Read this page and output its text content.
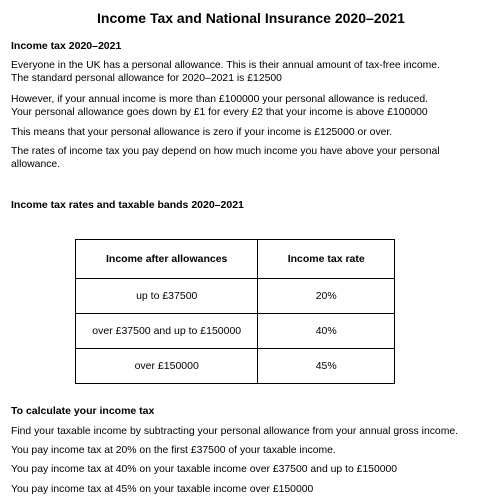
Income Tax and National Insurance 2020–2021
Income tax 2020–2021
Everyone in the UK has a personal allowance. This is their annual amount of tax-free income.
The standard personal allowance for 2020–2021 is £12500
However, if your annual income is more than £100000 your personal allowance is reduced.
Your personal allowance goes down by £1 for every £2 that your income is above £100000
This means that your personal allowance is zero if your income is £125000 or over.
The rates of income tax you pay depend on how much income you have above your personal
allowance.
Income tax rates and taxable bands 2020–2021
Income after allowances	Income tax rate
up to £37500	20%
over £37500 and up to £150000	40%
over £150000	45%
To calculate your income tax
Find your taxable income by subtracting your personal allowance from your annual gross income.
You pay income tax at 20% on the first £37500 of your taxable income.
You pay income tax at 40% on your taxable income over £37500 and up to £150000
You pay income tax at 45% on your taxable income over £150000
